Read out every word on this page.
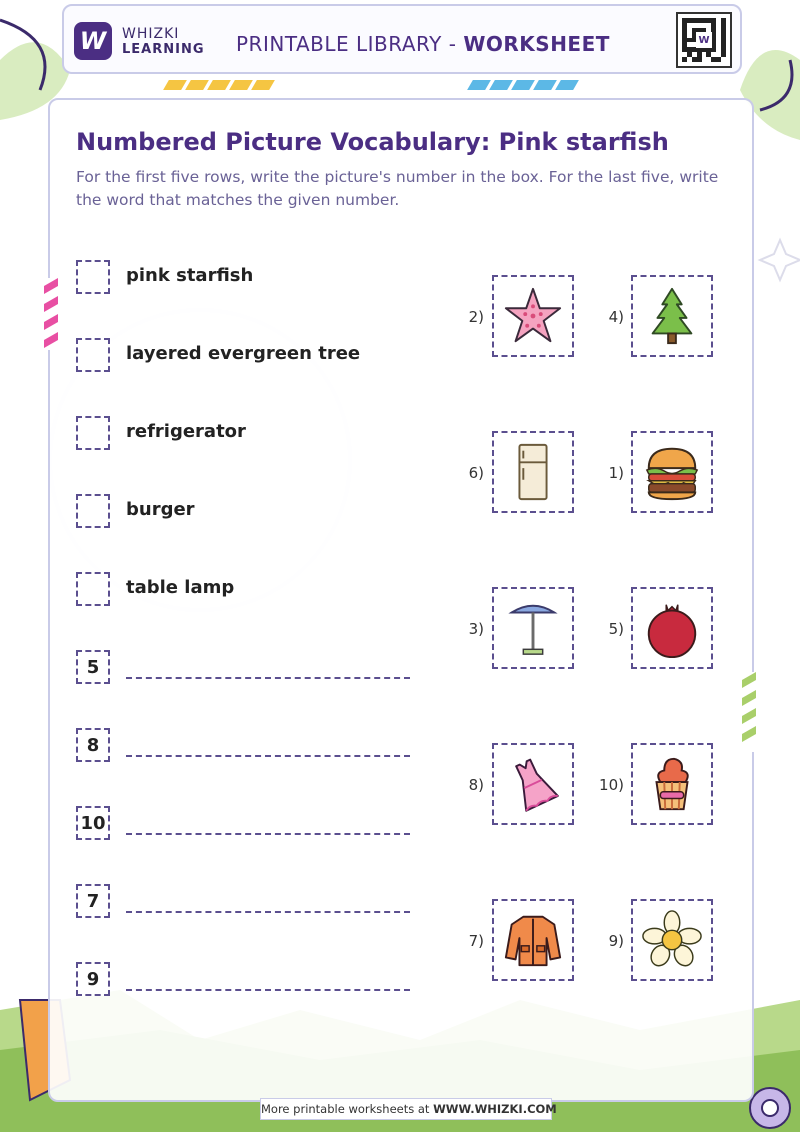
W	WHIZKI
LEARNING PRINTABLE LIBRARY - WORKSHEET	W
Numbered Picture Vocabulary: Pink starfish
For the first five rows, write the picture's number in the box. For the last five, write the word that matches the given number.
pink starfish
layered evergreen tree
refrigerator
burger
table lamp
5
8
10
7
9
2)	4)
6)	1)
3)	5)
8)	10)
7)	9)
More printable worksheets at WWW.WHIZKI.COM
